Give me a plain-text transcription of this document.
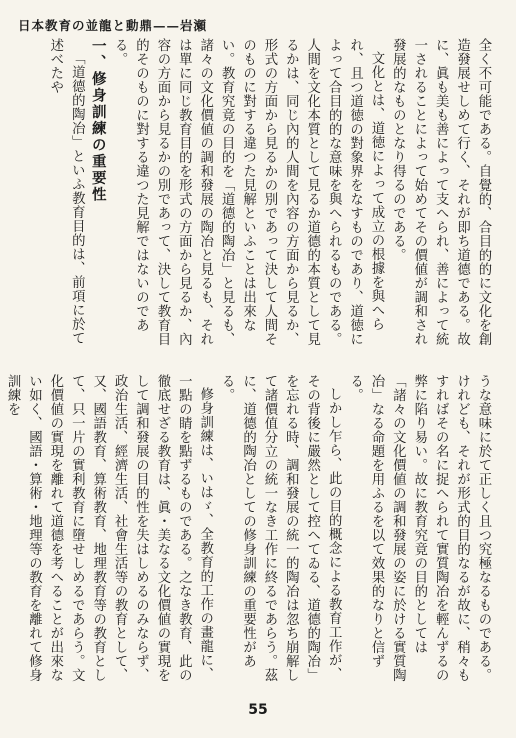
日本教育の並龍と動鼎——岩瀬

全く不可能である。自覺的、合目的的に文化を創造發展せしめて行く、それが即ち道德である。故に、眞も美も善によって支へられ、善によって統一されることによって始めてその價値が調和され發展的なものとなり得るのである。

文化とは、道徳によって成立の根據を與へられ、且つ道徳の對象界をなすものであり、道徳によって合目的的な意味を與へられるものである。人間を文化本質として見るか道德的本質として見るかは、同じ內的人間を內容の方面から見るか、形式の方面から見るかの別であって決して人間そのものに對する違つた見解といふことは出來ない。教育究竟の目的を「道德的陶冶」と見るも、諸々の文化價値の調和發展の陶冶と見るも、それは單に同じ教育目的を形式の方面から見るか、內容の方面から見るかの別であって、決して教育目的そのものに對する違つた見解ではないのである。

一、修身訓練の重要性

「道德的陶冶」といふ教育目的は、前項に於て述べたや

うな意味に於て正しく且つ究極なるものである。けれども、それが形式的目的なるが故に、稍々もすればその名に捉へられて實質陶冶を輕んずるの弊に陷り易い。故に教育究竟の目的としては「諸々の文化價値の調和發展の姿に於ける實質陶冶」なる命題を用ふるを以て效果的なりと信ずる。

しかし乍ら、此の目的概念による教育工作が、その背後に嚴然として控へてゐる、道德的陶冶」を忘れる時、調和發展の統一的陶冶は忽ち崩解して諸價值分立の統一なき工作に終るであらう。茲に、道德的陶冶としての修身訓練の重要性がある。

修身訓練は、いはゞ、全教育的工作の畫龍に、一點の睛を點ずるものである。之なき教育、此の徹底せざる教育は、眞・美なる文化價値の實現をして調和發展の目的性を失はしめるのみならず、政治生活、經濟生活、社會生活等の教育として、又、國語教育、算術教育、地理教育等の教育として、只一片の實利教育に墮せしめるであらう。文化價値の實現を離れて道德を考へることが出來ない如く、國語・算術・地理等の教育を離れて修身訓練を

55
